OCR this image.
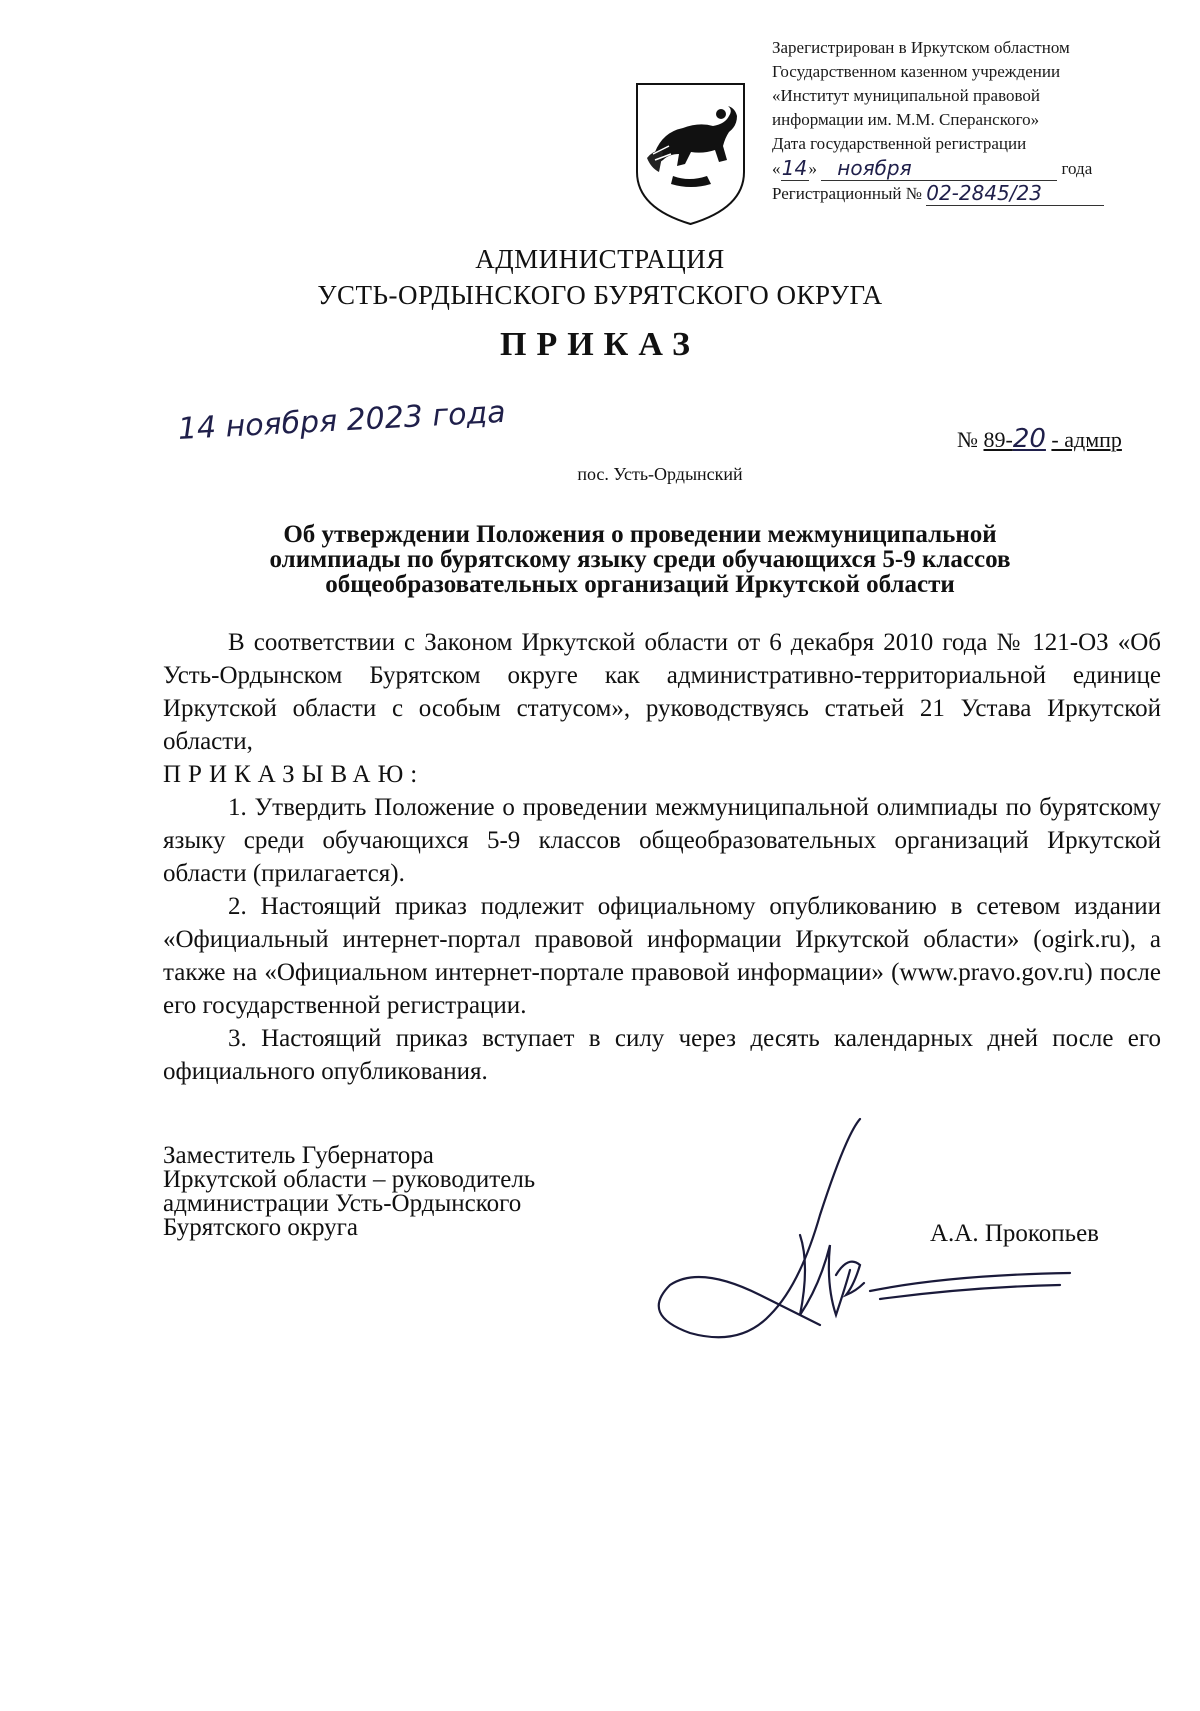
Зарегистрирован в Иркутском областном
Государственном казенном учреждении
«Институт муниципальной правовой
информации им. М.М. Сперанского»
Дата государственной регистрации
«14» ноября	года
Регистрационный № 02-2845/23
АДМИНИСТРАЦИЯ
УСТЬ-ОРДЫНСКОГО БУРЯТСКОГО ОКРУГА
ПРИКАЗ
14 ноября 2023 года	№ 89-20 - адмпр
пос. Усть-Ордынский
Об утверждении Положения о проведении межмуниципальной
олимпиады по бурятскому языку среди обучающихся 5-9 классов
общеобразовательных организаций Иркутской области

В соответствии с Законом Иркутской области от 6 декабря 2010 года № 121-ОЗ «Об Усть-Ордынском Бурятском округе как административно-территориальной единице Иркутской области с особым статусом», руководствуясь статьей 21 Устава Иркутской области,

ПРИКАЗЫВАЮ:

1. Утвердить Положение о проведении межмуниципальной олимпиады по бурятскому языку среди обучающихся 5-9 классов общеобразовательных организаций Иркутской области (прилагается).

2. Настоящий приказ подлежит официальному опубликованию в сетевом издании «Официальный интернет-портал правовой информации Иркутской области» (ogirk.ru), а также на «Официальном интернет-портале правовой информации» (www.pravo.gov.ru) после его государственной регистрации.

3. Настоящий приказ вступает в силу через десять календарных дней после его официального опубликования.

Заместитель Губернатора
Иркутской области – руководитель
администрации Усть-Ордынского
Бурятского округа	А.А. Прокопьев
